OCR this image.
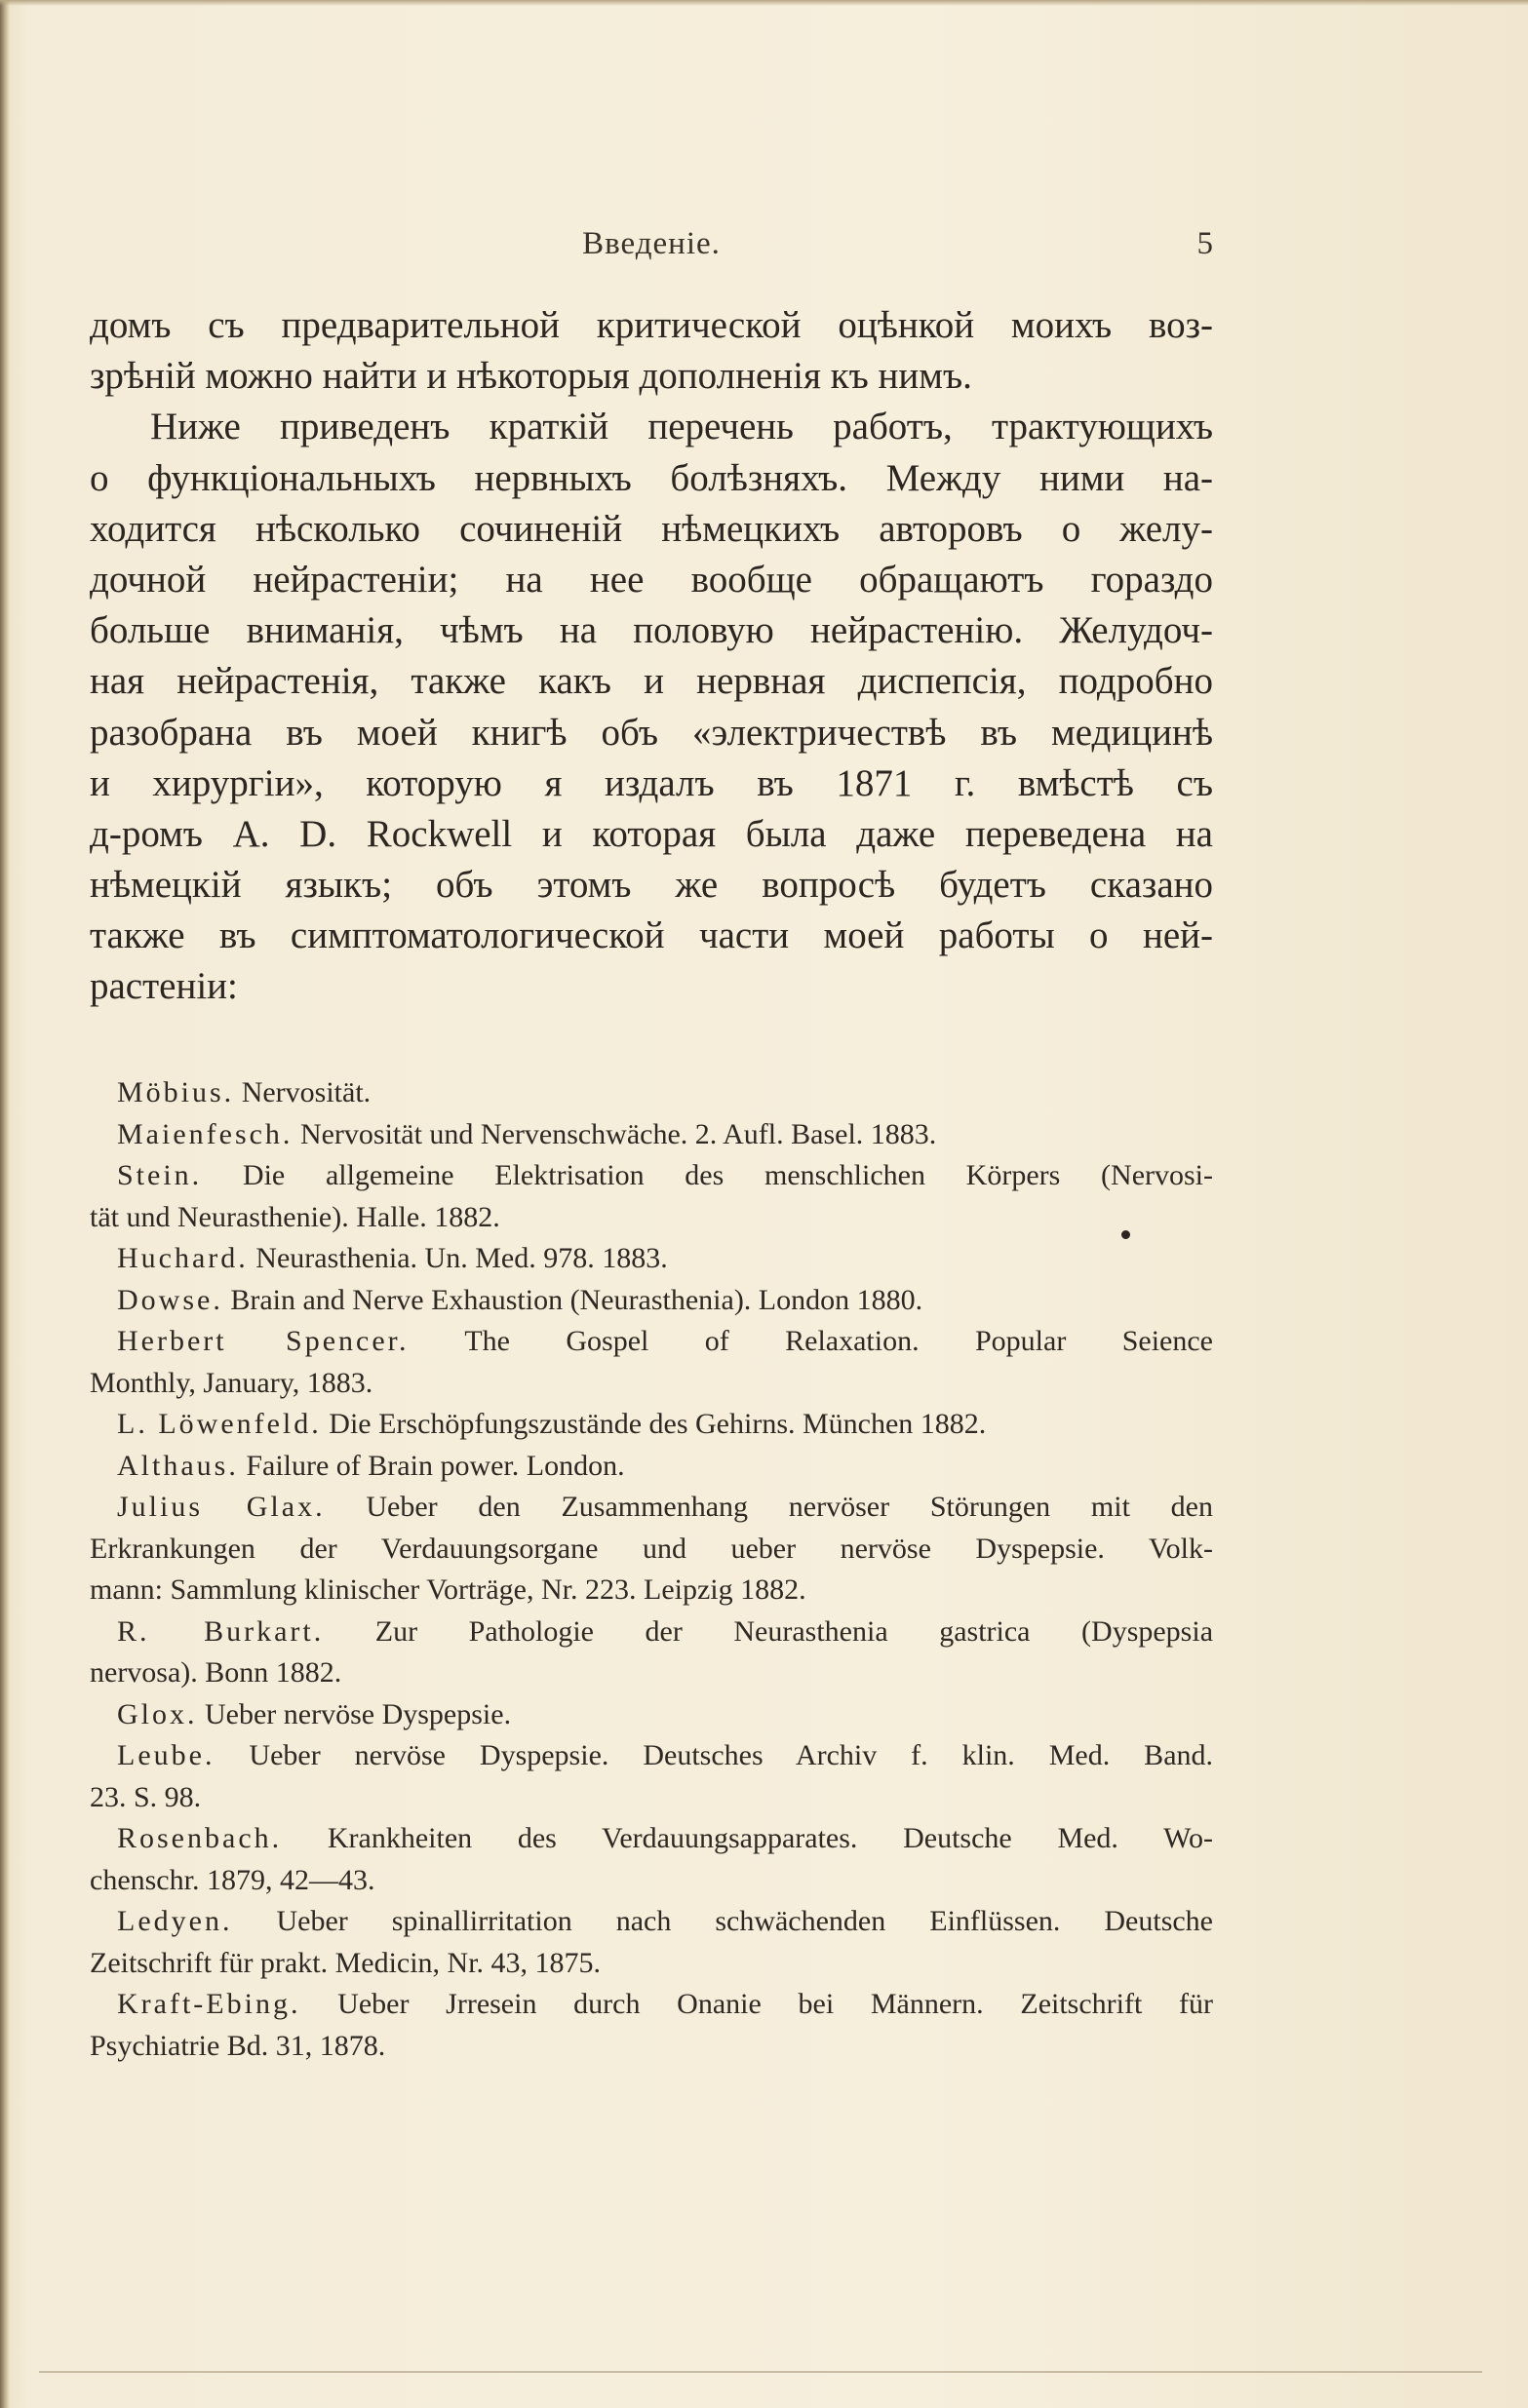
Введеніе.	5
домъ съ предварительной критической оцѣнкой моихъ воз-
зрѣній можно найти и нѣкоторыя дополненія къ нимъ.
Ниже приведенъ краткій перечень работъ, трактующихъ
о функціональныхъ нервныхъ болѣзняхъ. Между ними на-
ходится нѣсколько сочиненій нѣмецкихъ авторовъ о желу-
дочной нейрастеніи; на нее вообще обращаютъ гораздо
больше вниманія, чѣмъ на половую нейрастенію. Желудоч-
ная нейрастенія, также какъ и нервная диспепсія, подробно
разобрана въ моей книгѣ объ «электричествѣ въ медицинѣ
и хирургіи», которую я издалъ въ 1871 г. вмѣстѣ съ
д-ромъ A. D. Rockwell и которая была даже переведена на
нѣмецкій языкъ; объ этомъ же вопросѣ будетъ сказано
также въ симптоматологической части моей работы о ней-
растеніи:
Möbius. Nervosität.
Maienfesch. Nervosität und Nervenschwäche. 2. Aufl. Basel. 1883.
Stein. Die allgemeine Elektrisation des menschlichen Körpers (Nervosi-
tät und Neurasthenie). Halle. 1882.
Huchard. Neurasthenia. Un. Med. 978. 1883.
Dowse. Brain and Nerve Exhaustion (Neurasthenia). London 1880.
Herbert Spencer. The Gospel of Relaxation. Popular Seience
Monthly, January, 1883.
L. Löwenfeld. Die Erschöpfungszustände des Gehirns. München 1882.
Althaus. Failure of Brain power. London.
Julius Glax. Ueber den Zusammenhang nervöser Störungen mit den
Erkrankungen der Verdauungsorgane und ueber nervöse Dyspepsie. Volk-
mann: Sammlung klinischer Vorträge, Nr. 223. Leipzig 1882.
R. Burkart. Zur Pathologie der Neurasthenia gastrica (Dyspepsia
nervosa). Bonn 1882.
Glox. Ueber nervöse Dyspepsie.
Leube. Ueber nervöse Dyspepsie. Deutsches Archiv f. klin. Med. Band.
23. S. 98.
Rosenbach. Krankheiten des Verdauungsapparates. Deutsche Med. Wo-
chenschr. 1879, 42—43.
Ledyen. Ueber spinallirritation nach schwächenden Einflüssen. Deutsche
Zeitschrift für prakt. Medicin, Nr. 43, 1875.
Kraft-Ebing. Ueber Jrresein durch Onanie bei Männern. Zeitschrift für
Psychiatrie Bd. 31, 1878.
